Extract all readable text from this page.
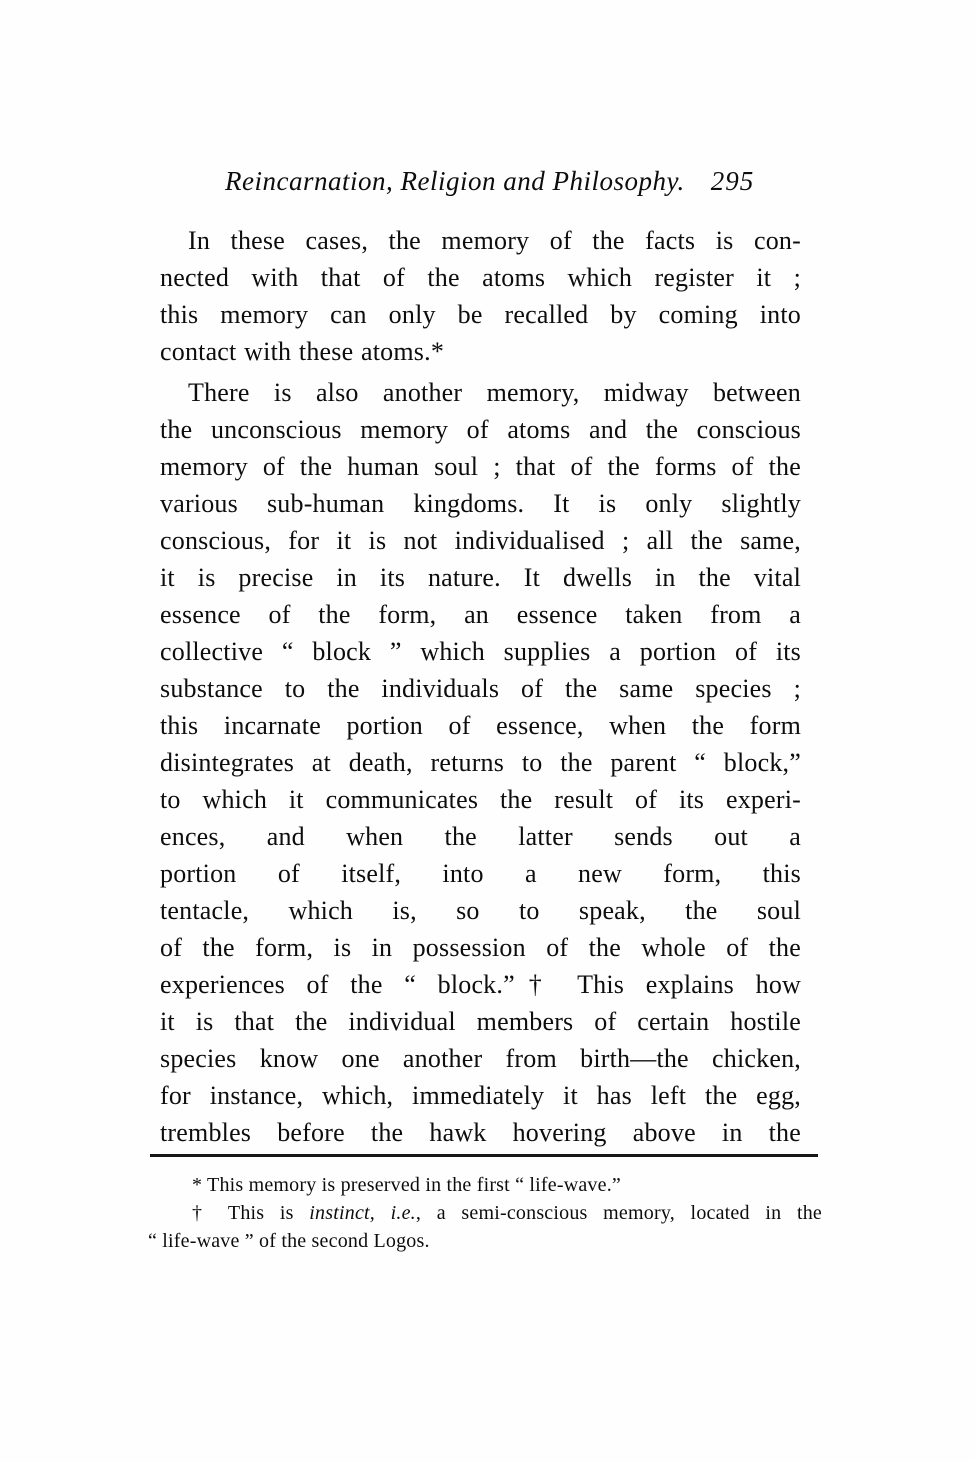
Reincarnation, Religion and Philosophy. 295
In these cases, the memory of the facts is con-
nected with that of the atoms which register it ;
this memory can only be recalled by coming into
contact with these atoms.*
There is also another memory, midway between
the unconscious memory of atoms and the conscious
memory of the human soul ; that of the forms of the
various sub-human kingdoms. It is only slightly
conscious, for it is not individualised ; all the same,
it is precise in its nature. It dwells in the vital
essence of the form, an essence taken from a
collective “ block ” which supplies a portion of its
substance to the individuals of the same species ;
this incarnate portion of essence, when the form
disintegrates at death, returns to the parent “ block,”
to which it communicates the result of its experi-
ences, and when the latter sends out a
portion of itself, into a new form, this
tentacle, which is, so to speak, the soul
of the form, is in possession of the whole of the
experiences of the “ block.”† This explains how
it is that the individual members of certain hostile
species know one another from birth—the chicken,
for instance, which, immediately it has left the egg,
trembles before the hawk hovering above in the
* This memory is preserved in the first “ life-wave.”
† This is instinct, i.e., a semi-conscious memory, located in the
“ life-wave ” of the second Logos.
